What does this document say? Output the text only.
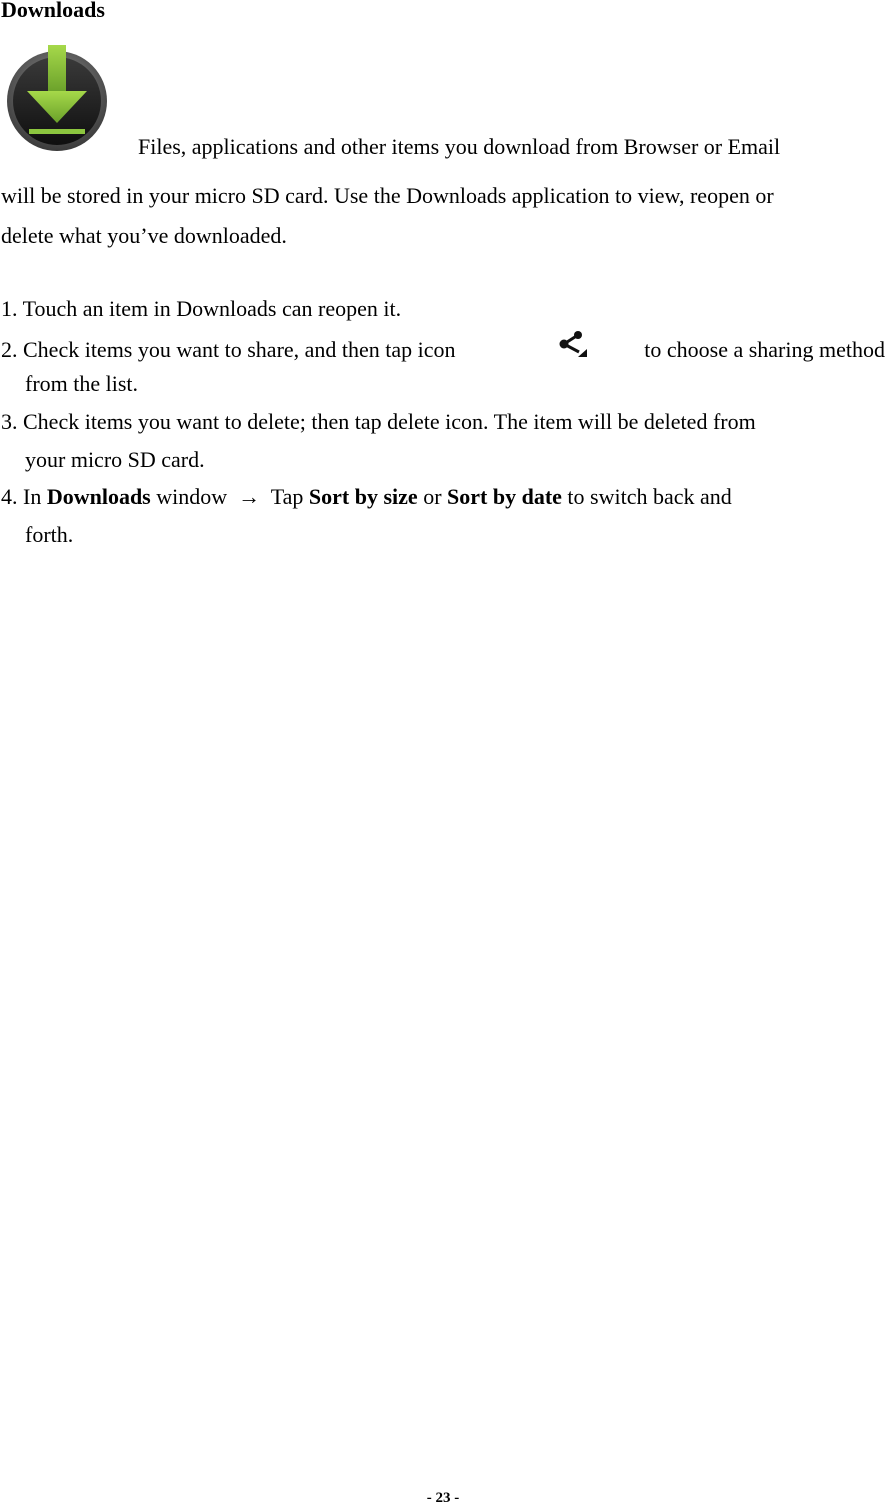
Downloads
Files, applications and other items you download from Browser or Email
will be stored in your micro SD card. Use the Downloads application to view, reopen or
delete what you’ve downloaded.
1. Touch an item in Downloads can reopen it.
2. Check items you want to share, and then tap icon	to choose a sharing method
from the list.
3. Check items you want to delete; then tap delete icon. The item will be deleted from
your micro SD card.
4. In Downloads window → Tap Sort by size or Sort by date to switch back and
forth.
- 23 -
